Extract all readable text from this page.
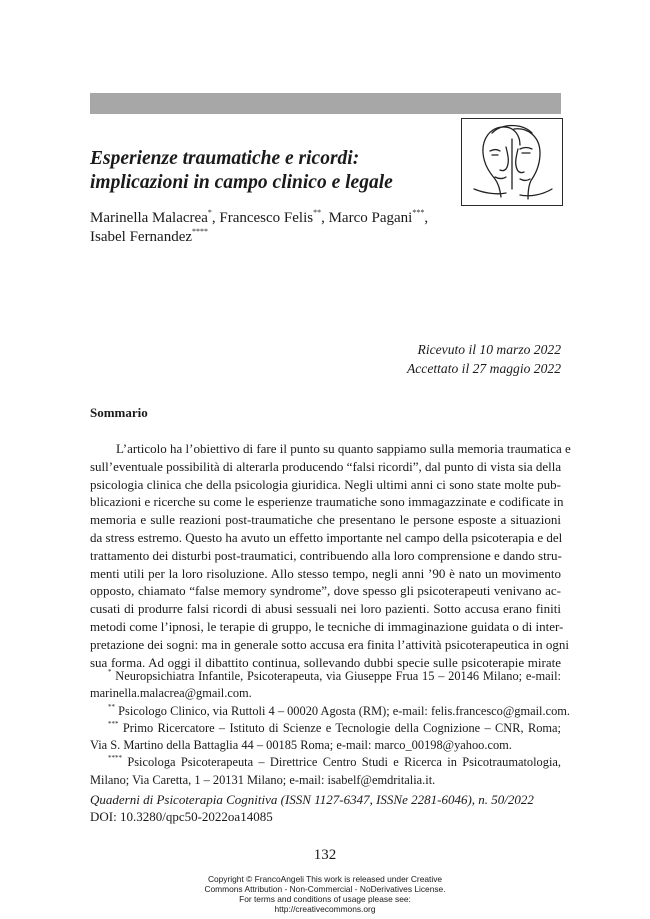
Esperienze traumatiche e ricordi:
implicazioni in campo clinico e legale
Marinella Malacrea*, Francesco Felis**, Marco Pagani***,
Isabel Fernandez****
Ricevuto il 10 marzo 2022
Accettato il 27 maggio 2022
Sommario
L’articolo ha l’obiettivo di fare il punto su quanto sappiamo sulla memoria traumatica e
sull’eventuale possibilità di alterarla producendo “falsi ricordi”, dal punto di vista sia della
psicologia clinica che della psicologia giuridica. Negli ultimi anni ci sono state molte pub-
blicazioni e ricerche su come le esperienze traumatiche sono immagazzinate e codificate in
memoria e sulle reazioni post-traumatiche che presentano le persone esposte a situazioni
da stress estremo. Questo ha avuto un effetto importante nel campo della psicoterapia e del
trattamento dei disturbi post-traumatici, contribuendo alla loro comprensione e dando stru-
menti utili per la loro risoluzione. Allo stesso tempo, negli anni ’90 è nato un movimento
opposto, chiamato “false memory syndrome”, dove spesso gli psicoterapeuti venivano ac-
cusati di produrre falsi ricordi di abusi sessuali nei loro pazienti. Sotto accusa erano finiti
metodi come l’ipnosi, le terapie di gruppo, le tecniche di immaginazione guidata o di inter-
pretazione dei sogni: ma in generale sotto accusa era finita l’attività psicoterapeutica in ogni
sua forma. Ad oggi il dibattito continua, sollevando dubbi specie sulle psicoterapie mirate
* Neuropsichiatra Infantile, Psicoterapeuta, via Giuseppe Frua 15 – 20146 Milano; e-mail:
marinella.malacrea@gmail.com.
** Psicologo Clinico, via Ruttoli 4 – 00020 Agosta (RM); e-mail: felis.francesco@gmail.com.
*** Primo Ricercatore – Istituto di Scienze e Tecnologie della Cognizione – CNR, Roma;
Via S. Martino della Battaglia 44 – 00185 Roma; e-mail: marco_00198@yahoo.com.
**** Psicologa Psicoterapeuta – Direttrice Centro Studi e Ricerca in Psicotraumatologia,
Milano; Via Caretta, 1 – 20131 Milano; e-mail: isabelf@emdritalia.it.
Quaderni di Psicoterapia Cognitiva (ISSN 1127-6347, ISSNe 2281-6046), n. 50/2022
DOI: 10.3280/qpc50-2022oa14085
132
Copyright © FrancoAngeli This work is released under Creative
Commons Attribution - Non-Commercial - NoDerivatives License.
For terms and conditions of usage please see:
http://creativecommons.org
